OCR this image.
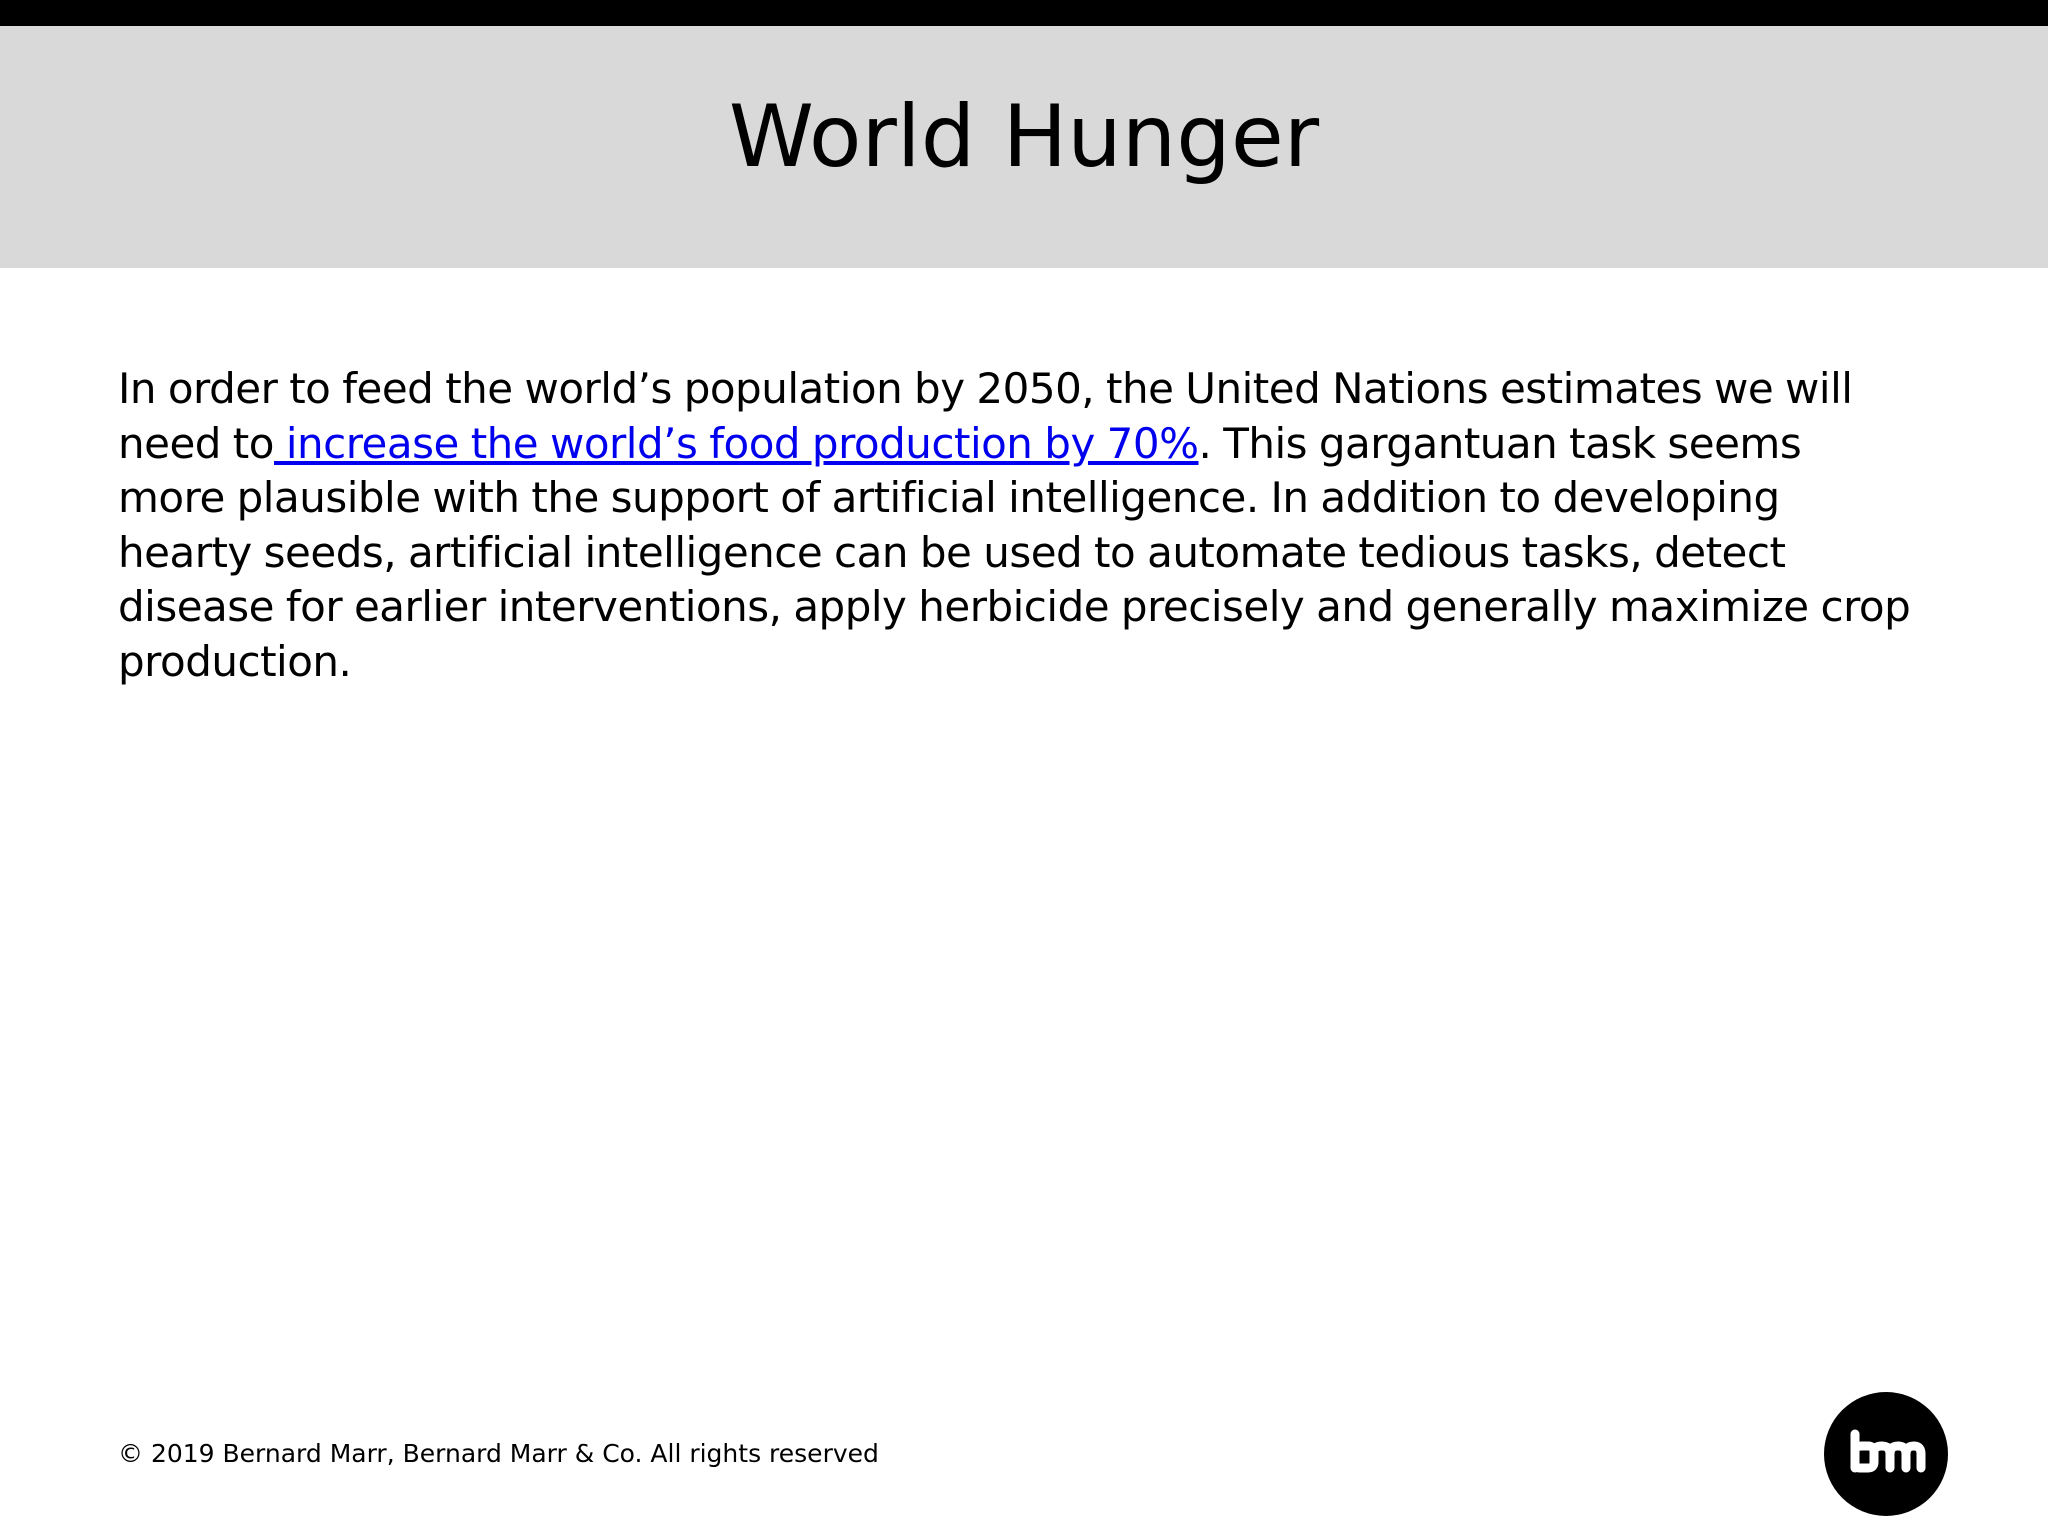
World Hunger
In order to feed the world’s population by 2050, the United Nations estimates we will need to increase the world’s food production by 70%. This gargantuan task seems more plausible with the support of artificial intelligence. In addition to developing hearty seeds, artificial intelligence can be used to automate tedious tasks, detect disease for earlier interventions, apply herbicide precisely and generally maximize crop production.
© 2019 Bernard Marr, Bernard Marr & Co. All rights reserved
